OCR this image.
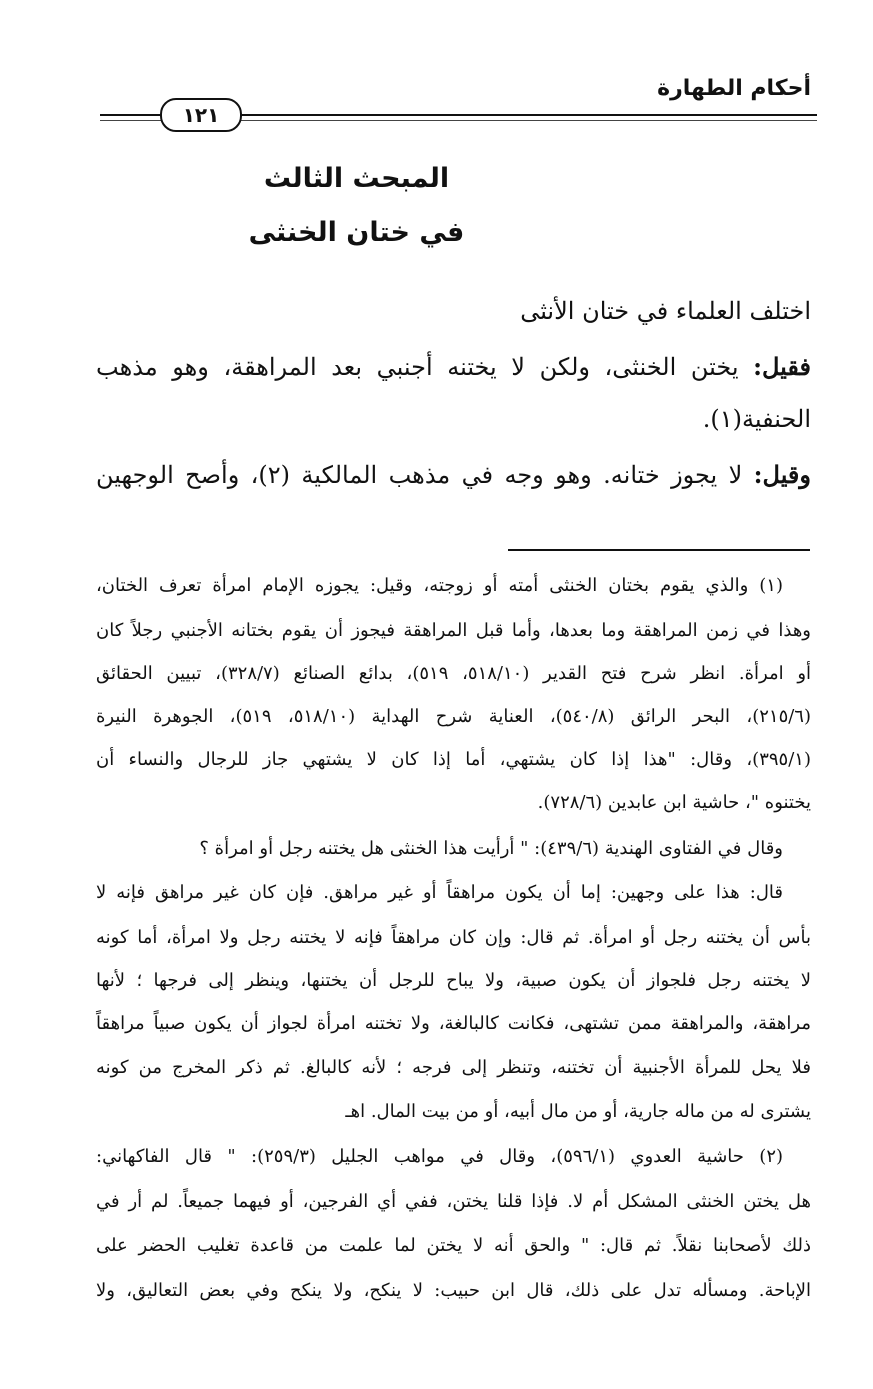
أحكام الطهارة
١٢١
المبحث الثالث
في ختان الخنثى
اختلف العلماء في ختان الأنثى
فقيل: يختن الخنثى، ولكن لا يختنه أجنبي بعد المراهقة، وهو مذهب
الحنفية(١).
وقيل: لا يجوز ختانه. وهو وجه في مذهب المالكية (٢)، وأصح الوجهين
(١) والذي يقوم بختان الخنثى أمته أو زوجته، وقيل: يجوزه الإمام امرأة تعرف الختان،
وهذا في زمن المراهقة وما بعدها، وأما قبل المراهقة فيجوز أن يقوم بختانه الأجنبي رجلاً كان
أو امرأة. انظر شرح فتح القدير (٥١٨/١٠، ٥١٩)، بدائع الصنائع (٣٢٨/٧)، تبيين الحقائق
(٢١٥/٦)، البحر الرائق (٥٤٠/٨)، العناية شرح الهداية (٥١٨/١٠، ٥١٩)، الجوهرة النيرة
(٣٩٥/١)، وقال: "هذا إذا كان يشتهي، أما إذا كان لا يشتهي جاز للرجال والنساء أن
يختنوه "، حاشية ابن عابدين (٧٢٨/٦).
وقال في الفتاوى الهندية (٤٣٩/٦): " أرأيت هذا الخنثى هل يختنه رجل أو امرأة ؟
قال: هذا على وجهين: إما أن يكون مراهقاً أو غير مراهق. فإن كان غير مراهق فإنه لا
بأس أن يختنه رجل أو امرأة. ثم قال: وإن كان مراهقاً فإنه لا يختنه رجل ولا امرأة، أما كونه
لا يختنه رجل فلجواز أن يكون صبية، ولا يباح للرجل أن يختنها، وينظر إلى فرجها ؛ لأنها
مراهقة، والمراهقة ممن تشتهى، فكانت كالبالغة، ولا تختنه امرأة لجواز أن يكون صبياً مراهقاً
فلا يحل للمرأة الأجنبية أن تختنه، وتنظر إلى فرجه ؛ لأنه كالبالغ. ثم ذكر المخرج من كونه
يشترى له من ماله جارية، أو من مال أبيه، أو من بيت المال. اهـ
(٢) حاشية العدوي (٥٩٦/١)، وقال في مواهب الجليل (٢٥٩/٣): " قال الفاكهاني:
هل يختن الخنثى المشكل أم لا. فإذا قلنا يختن، ففي أي الفرجين، أو فيهما جميعاً. لم أر في
ذلك لأصحابنا نقلاً. ثم قال: " والحق أنه لا يختن لما علمت من قاعدة تغليب الحضر على
الإباحة. ومسأله تدل على ذلك، قال ابن حبيب: لا ينكح، ولا ينكح وفي بعض التعاليق، ولا
